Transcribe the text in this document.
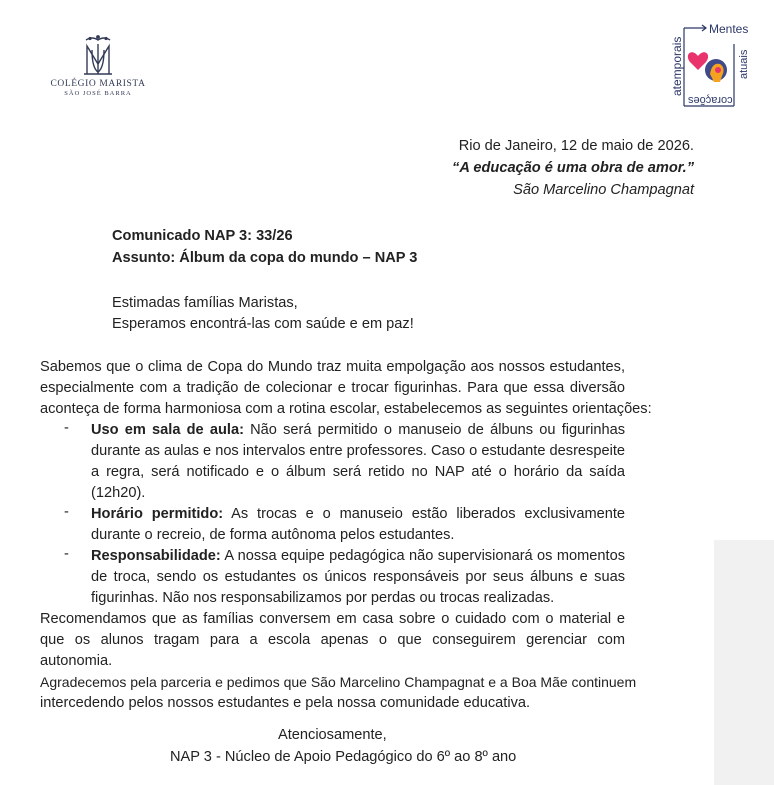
COLÉGIO MARISTA
SÃO JOSÉ BARRA
Mentes
atuais
atemporais
corações
Rio de Janeiro, 12 de maio de 2026.
“A educação é uma obra de amor.”
São Marcelino Champagnat
Comunicado NAP 3: 33/26
Assunto: Álbum da copa do mundo – NAP 3
Estimadas famílias Maristas,
Esperamos encontrá-las com saúde e em paz!
Sabemos que o clima de Copa do Mundo traz muita empolgação aos nossos estudantes,
especialmente com a tradição de colecionar e trocar figurinhas. Para que essa diversão
aconteça de forma harmoniosa com a rotina escolar, estabelecemos as seguintes orientações:
- Uso em sala de aula: Não será permitido o manuseio de álbuns ou figurinhas
durante as aulas e nos intervalos entre professores. Caso o estudante desrespeite
a regra, será notificado e o álbum será retido no NAP até o horário da saída
(12h20).
- Horário permitido: As trocas e o manuseio estão liberados exclusivamente
durante o recreio, de forma autônoma pelos estudantes.
- Responsabilidade: A nossa equipe pedagógica não supervisionará os momentos
de troca, sendo os estudantes os únicos responsáveis por seus álbuns e suas
figurinhas. Não nos responsabilizamos por perdas ou trocas realizadas.
Recomendamos que as famílias conversem em casa sobre o cuidado com o material e
que os alunos tragam para a escola apenas o que conseguirem gerenciar com
autonomia.
Agradecemos pela parceria e pedimos que São Marcelino Champagnat e a Boa Mãe continuem
intercedendo pelos nossos estudantes e pela nossa comunidade educativa.
Atenciosamente,
NAP 3 - Núcleo de Apoio Pedagógico do 6º ao 8º ano
